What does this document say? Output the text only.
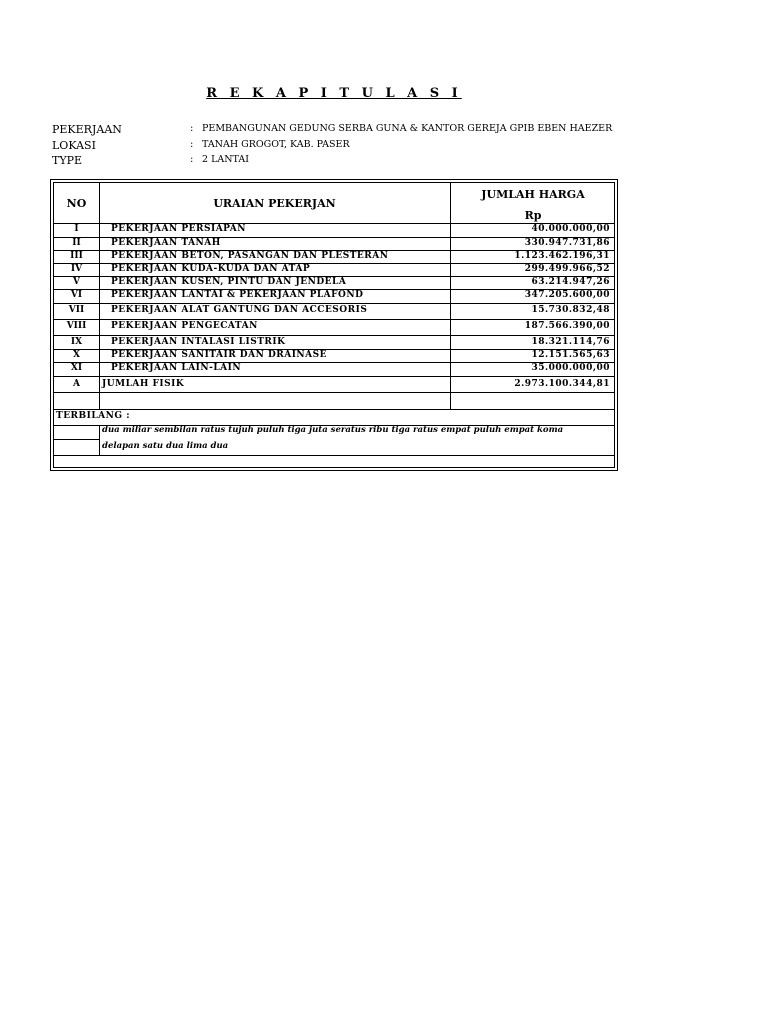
R E K A P I T U L A S I
PEKERJAAN	: PEMBANGUNAN GEDUNG SERBA GUNA & KANTOR GEREJA GPIB EBEN HAEZER
LOKASI	: TANAH GROGOT, KAB. PASER
TYPE	: 2 LANTAI
NO	URAIAN PEKERJAN
JUMLAH HARGA
Rp
I	PEKERJAAN PERSIAPAN	40.000.000,00
II	PEKERJAAN TANAH	330.947.731,86
III	PEKERJAAN BETON, PASANGAN DAN PLESTERAN	1.123.462.196,31
IV	PEKERJAAN KUDA-KUDA DAN ATAP	299.499.966,52
V	PEKERJAAN KUSEN, PINTU DAN JENDELA	63.214.947,26
VI	PEKERJAAN LANTAI & PEKERJAAN PLAFOND	347.205.600,00
VII	PEKERJAAN ALAT GANTUNG DAN ACCESORIS	15.730.832,48
VIII	PEKERJAAN PENGECATAN	187.566.390,00
IX	PEKERJAAN INTALASI LISTRIK	18.321.114,76
X	PEKERJAAN SANITAIR DAN DRAINASE	12.151.565,63
XI	PEKERJAAN LAIN-LAIN	35.000.000,00
A	JUMLAH FISIK	2.973.100.344,81
TERBILANG :
dua miliar sembilan ratus tujuh puluh tiga juta seratus ribu tiga ratus empat puluh empat koma
delapan satu dua lima dua
